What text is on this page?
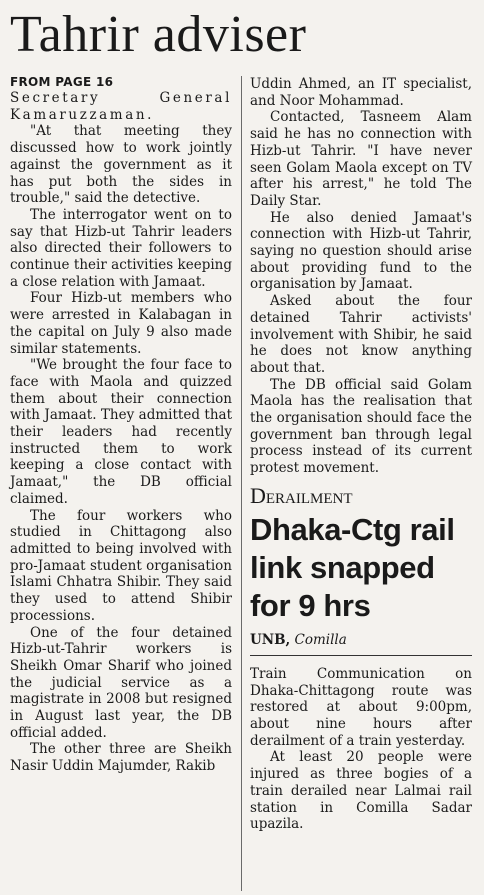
Tahrir adviser

FROM PAGE 16

Secretary General Kamaruzzaman.

"At that meeting they discussed how to work jointly against the government as it has put both the sides in trouble," said the detective.

The interrogator went on to say that Hizb-ut Tahrir leaders also directed their followers to continue their activities keeping a close relation with Jamaat.

Four Hizb-ut members who were arrested in Kalabagan in the capital on July 9 also made similar statements.

"We brought the four face to face with Maola and quizzed them about their connection with Jamaat. They admitted that their leaders had recently instructed them to work keeping a close contact with Jamaat," the DB official claimed.

The four workers who studied in Chittagong also admitted to being involved with pro-Jamaat student organisation Islami Chhatra Shibir. They said they used to attend Shibir processions.

One of the four detained Hizb-ut-Tahrir workers is Sheikh Omar Sharif who joined the judicial service as a magistrate in 2008 but resigned in August last year, the DB official added.

The other three are Sheikh Nasir Uddin Majumder, Rakib

Uddin Ahmed, an IT specialist, and Noor Mohammad.

Contacted, Tasneem Alam said he has no connection with Hizb-ut Tahrir. "I have never seen Golam Maola except on TV after his arrest," he told The Daily Star.

He also denied Jamaat's connection with Hizb-ut Tahrir, saying no question should arise about providing fund to the organisation by Jamaat.

Asked about the four detained Tahrir activists' involvement with Shibir, he said he does not know anything about that.

The DB official said Golam Maola has the realisation that the organisation should face the government ban through legal process instead of its current protest movement.

Derailment
Dhaka-Ctg rail link snapped for 9 hrs
UNB, Comilla

Train Communication on Dhaka-Chittagong route was restored at about 9:00pm, about nine hours after derailment of a train yesterday.

At least 20 people were injured as three bogies of a train derailed near Lalmai rail station in Comilla Sadar upazila.
